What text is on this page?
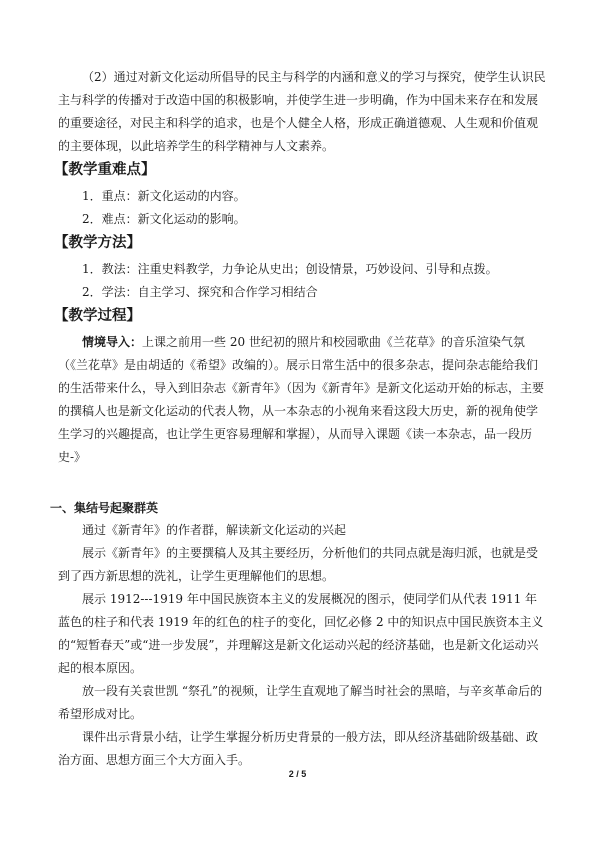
（2）通过对新文化运动所倡导的民主与科学的内涵和意义的学习与探究，使学生认识民主与科学的传播对于改造中国的积极影响，并使学生进一步明确，作为中国未来存在和发展的重要途径，对民主和科学的追求，也是个人健全人格，形成正确道德观、人生观和价值观的主要体现，以此培养学生的科学精神与人文素养。

【教学重难点】

1．重点：新文化运动的内容。

2．难点：新文化运动的影响。

【教学方法】

1．教法：注重史料教学，力争论从史出；创设情景，巧妙设问、引导和点拨。

2．学法：自主学习、探究和合作学习相结合

【教学过程】

情境导入：上课之前用一些 20 世纪初的照片和校园歌曲《兰花草》的音乐渲染气氛（《兰花草》是由胡适的《希望》改编的）。展示日常生活中的很多杂志，提问杂志能给我们的生活带来什么，导入到旧杂志《新青年》（因为《新青年》是新文化运动开始的标志，主要的撰稿人也是新文化运动的代表人物，从一本杂志的小视角来看这段大历史，新的视角使学生学习的兴趣提高，也让学生更容易理解和掌握），从而导入课题《读一本杂志，品一段历史-》

一、集结号起聚群英

通过《新青年》的作者群，解读新文化运动的兴起

展示《新青年》的主要撰稿人及其主要经历，分析他们的共同点就是海归派，也就是受到了西方新思想的洗礼，让学生更理解他们的思想。

展示 1912---1919 年中国民族资本主义的发展概况的图示，使同学们从代表 1911 年蓝色的柱子和代表 1919 年的红色的柱子的变化，回忆必修 2 中的知识点中国民族资本主义的“短暂春天”或“进一步发展”，并理解这是新文化运动兴起的经济基础，也是新文化运动兴起的根本原因。

放一段有关袁世凯 “祭孔”的视频，让学生直观地了解当时社会的黑暗，与辛亥革命后的希望形成对比。

课件出示背景小结，让学生掌握分析历史背景的一般方法，即从经济基础阶级基础、政治方面、思想方面三个大方面入手。

2 / 5
